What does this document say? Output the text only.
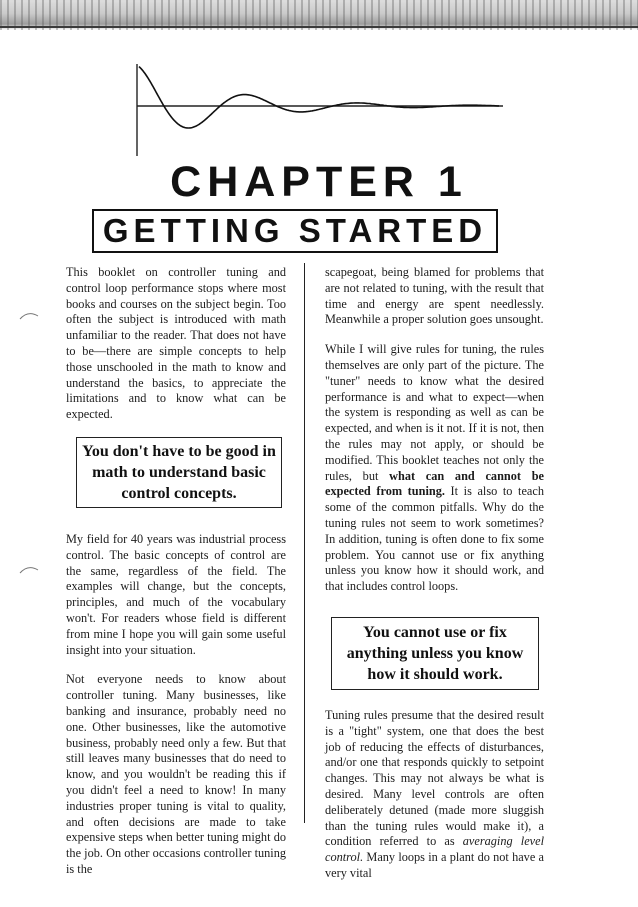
CHAPTER 1
GETTING STARTED

This booklet on controller tuning and control loop performance stops where most books and courses on the subject begin. Too often the subject is introduced with math unfamiliar to the reader. That does not have to be—there are simple concepts to help those unschooled in the math to know and understand the basics, to appreciate the limitations and to know what can be expected.

You don't have to be good in math to understand basic control concepts.

My field for 40 years was industrial process control. The basic concepts of control are the same, regardless of the field. The examples will change, but the concepts, principles, and much of the vocabulary won't. For readers whose field is different from mine I hope you will gain some useful insight into your situation.

Not everyone needs to know about controller tuning. Many businesses, like banking and insurance, probably need no one. Other businesses, like the automotive business, probably need only a few. But that still leaves many businesses that do need to know, and you wouldn't be reading this if you didn't feel a need to know! In many industries proper tuning is vital to quality, and often decisions are made to take expensive steps when better tuning might do the job. On other occasions controller tuning is the

scapegoat, being blamed for problems that are not related to tuning, with the result that time and energy are spent needlessly. Meanwhile a proper solution goes unsought.

While I will give rules for tuning, the rules themselves are only part of the picture. The "tuner" needs to know what the desired performance is and what to expect—when the system is responding as well as can be expected, and when is it not. If it is not, then the rules may not apply, or should be modified. This booklet teaches not only the rules, but what can and cannot be expected from tuning. It is also to teach some of the common pitfalls. Why do the tuning rules not seem to work sometimes? In addition, tuning is often done to fix some problem. You cannot use or fix anything unless you know how it should work, and that includes control loops.

You cannot use or fix anything unless you know how it should work.

Tuning rules presume that the desired result is a "tight" system, one that does the best job of reducing the effects of disturbances, and/or one that responds quickly to setpoint changes. This may not always be what is desired. Many level controls are often deliberately detuned (made more sluggish than the tuning rules would make it), a condition referred to as averaging level control. Many loops in a plant do not have a very vital
